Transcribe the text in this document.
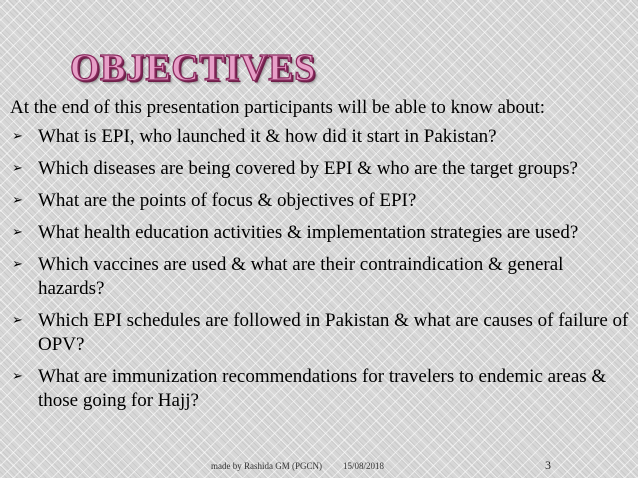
OBJECTIVES

At the end of this presentation participants will be able to know about:

➢ What is EPI, who launched it & how did it start in Pakistan?
➢ Which diseases are being covered by EPI & who are the target groups?
➢ What are the points of focus & objectives of EPI?
➢ What health education activities & implementation strategies are used?
➢ Which vaccines are used & what are their contraindication & general hazards?
➢ Which EPI schedules are followed in Pakistan & what are causes of failure of OPV?
➢ What are immunization recommendations for travelers to endemic areas & those going for Hajj?
made by Rashida GM (PGCN) 15/08/2018	3
